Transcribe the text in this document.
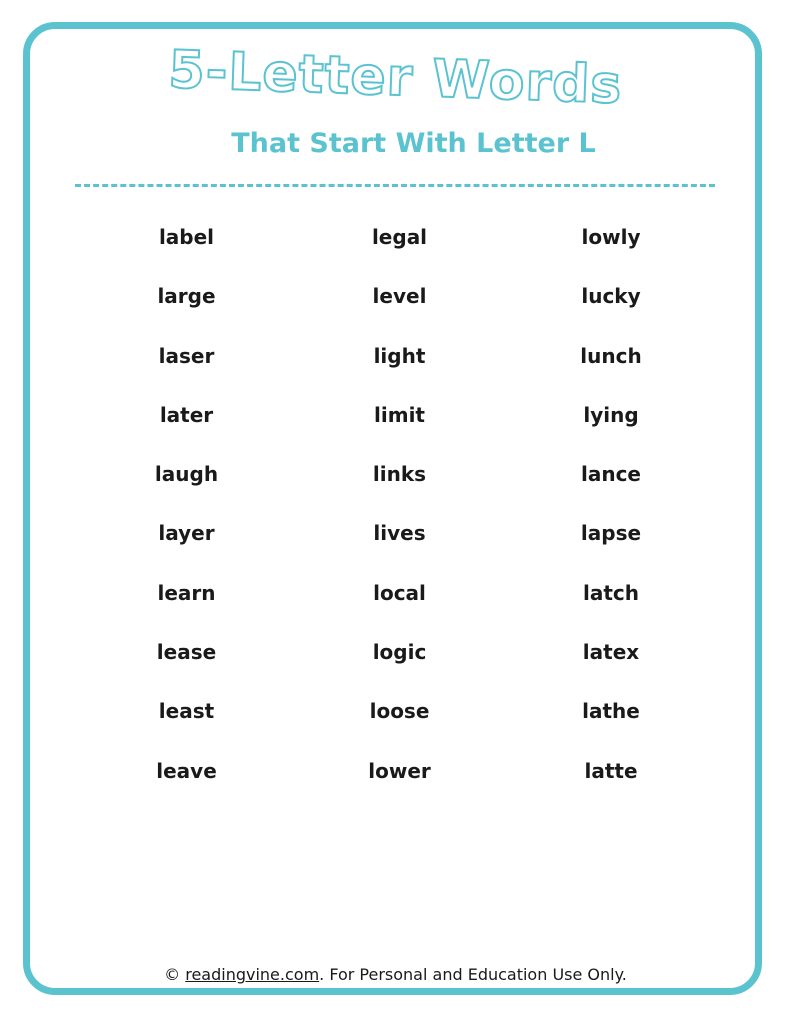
5-Letter Words
That Start With Letter L
label	legal	lowly
large	level	lucky
laser	light	lunch
later	limit	lying
laugh	links	lance
layer	lives	lapse
learn	local	latch
lease	logic	latex
least	loose	lathe
leave	lower	latte
© readingvine.com. For Personal and Education Use Only.
